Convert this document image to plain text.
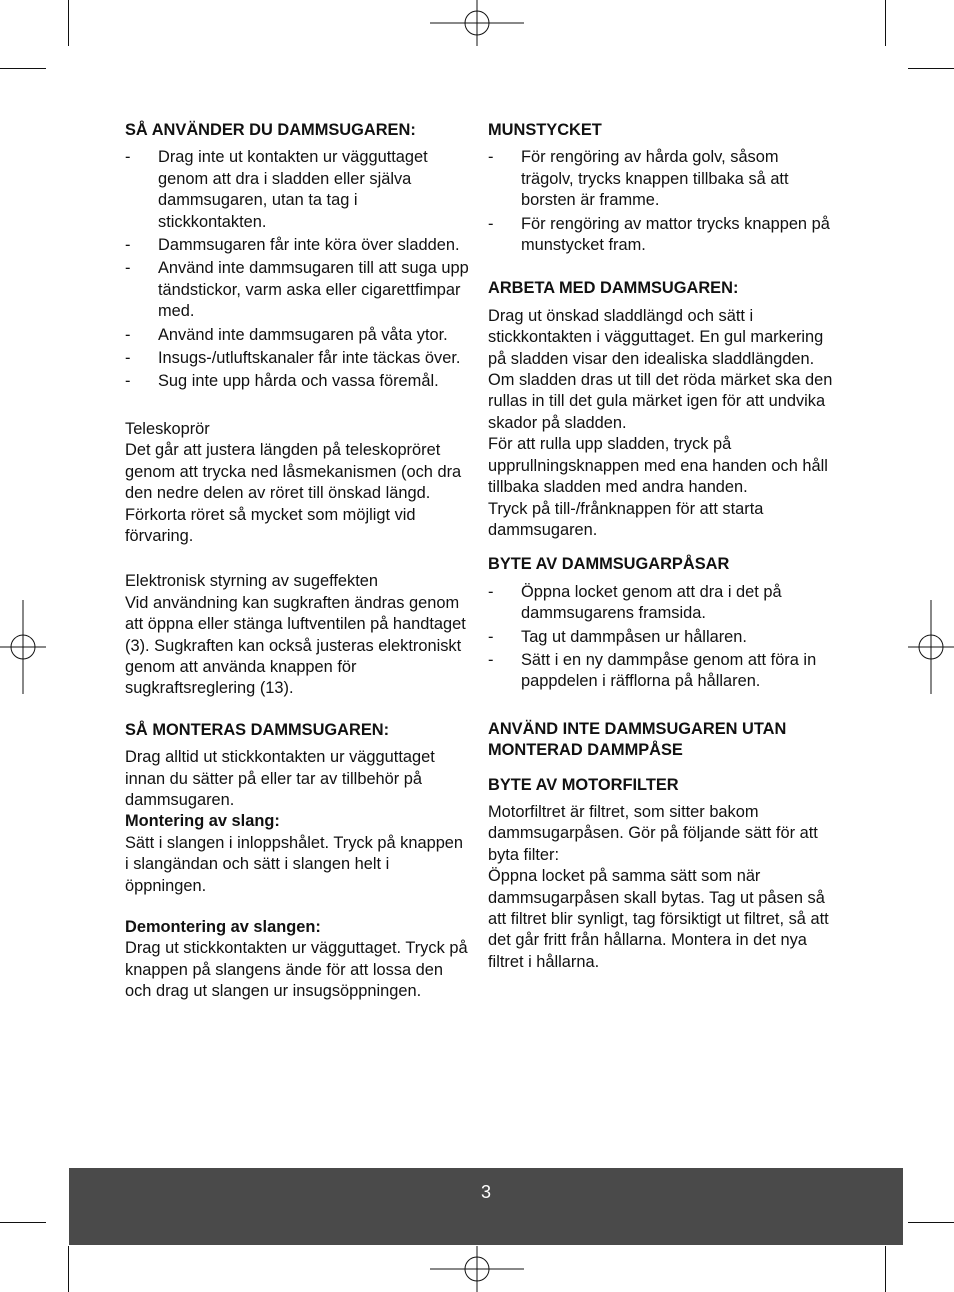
SÅ ANVÄNDER DU DAMMSUGAREN:
- Drag inte ut kontakten ur vägguttaget genom att dra i sladden eller själva dammsugaren, utan ta tag i stickkontakten.
- Dammsugaren får inte köra över sladden.
- Använd inte dammsugaren till att suga upp tändstickor, varm aska eller cigarettfimpar med.
- Använd inte dammsugaren på våta ytor.
- Insugs-/utluftskanaler får inte täckas över.
- Sug inte upp hårda och vassa föremål.

Teleskoprör

Det går att justera längden på teleskopröret genom att trycka ned låsmekanismen (och dra den nedre delen av röret till önskad längd. Förkorta röret så mycket som möjligt vid förvaring.

Elektronisk styrning av sugeffekten

Vid användning kan sugkraften ändras genom att öppna eller stänga luftventilen på handtaget (3). Sugkraften kan också justeras elektroniskt genom att använda knappen för sugkraftsreglering (13).

SÅ MONTERAS DAMMSUGAREN:

Drag alltid ut stickkontakten ur vägguttaget innan du sätter på eller tar av tillbehör på dammsugaren.

Montering av slang:

Sätt i slangen i inloppshålet. Tryck på knappen i slangändan och sätt i slangen helt i öppningen.

Demontering av slangen:

Drag ut stickkontakten ur vägguttaget. Tryck på knappen på slangens ände för att lossa den och drag ut slangen ur insugsöppningen.

MUNSTYCKET
- För rengöring av hårda golv, såsom trägolv, trycks knappen tillbaka så att borsten är framme.
- För rengöring av mattor trycks knappen på munstycket fram.
ARBETA MED DAMMSUGAREN:

Drag ut önskad sladdlängd och sätt i stickkontakten i vägguttaget. En gul markering på sladden visar den idealiska sladdlängden. Om sladden dras ut till det röda märket ska den rullas in till det gula märket igen för att undvika skador på sladden.

För att rulla upp sladden, tryck på upprullningsknappen med ena handen och håll tillbaka sladden med andra handen.

Tryck på till-/frånknappen för att starta dammsugaren.

BYTE AV DAMMSUGARPÅSAR
- Öppna locket genom att dra i det på dammsugarens framsida.
- Tag ut dammpåsen ur hållaren.
- Sätt i en ny dammpåse genom att föra in pappdelen i räfflorna på hållaren.
ANVÄND INTE DAMMSUGAREN UTAN MONTERAD DAMMPÅSE
BYTE AV MOTORFILTER

Motorfiltret är filtret, som sitter bakom dammsugarpåsen. Gör på följande sätt för att byta filter:

Öppna locket på samma sätt som när dammsugarpåsen skall bytas. Tag ut påsen så att filtret blir synligt, tag försiktigt ut filtret, så att det går fritt från hållarna. Montera in det nya filtret i hållarna.

3
